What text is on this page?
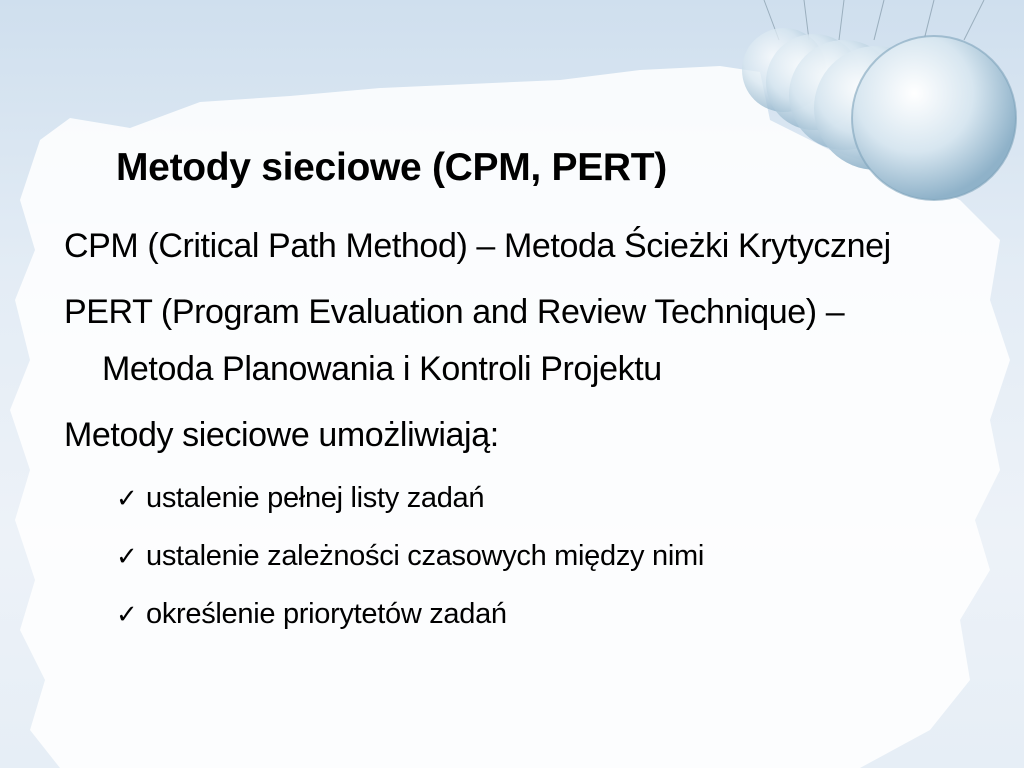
Metody sieciowe (CPM, PERT)

CPM (Critical Path Method) – Metoda Ścieżki Krytycznej

PERT (Program Evaluation and Review Technique) – Metoda Planowania i Kontroli Projektu

Metody sieciowe umożliwiają:

✓ ustalenie pełnej listy zadań
✓ ustalenie zależności czasowych między nimi
✓ określenie priorytetów zadań
